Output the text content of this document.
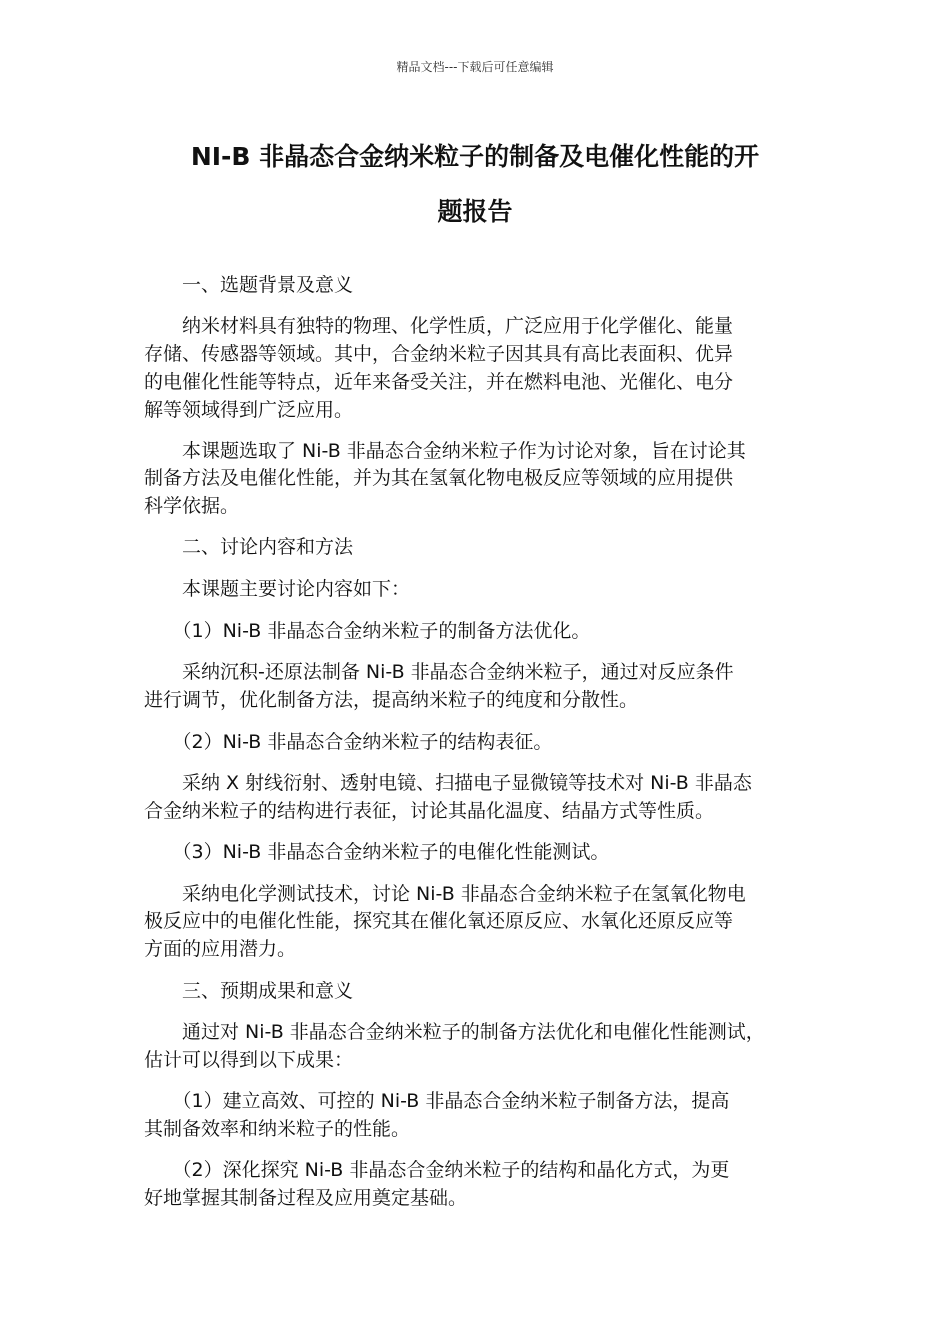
精品文档---下载后可任意编辑
NI-B 非晶态合金纳米粒子的制备及电催化性能的开
题报告
　　一、选题背景及意义
　　纳米材料具有独特的物理、化学性质，广泛应用于化学催化、能量
存储、传感器等领域。其中，合金纳米粒子因其具有高比表面积、优异
的电催化性能等特点，近年来备受关注，并在燃料电池、光催化、电分
解等领域得到广泛应用。
　　本课题选取了 Ni-B 非晶态合金纳米粒子作为讨论对象，旨在讨论其
制备方法及电催化性能，并为其在氢氧化物电极反应等领域的应用提供
科学依据。
　　二、讨论内容和方法
　　本课题主要讨论内容如下：
　　（1）Ni-B 非晶态合金纳米粒子的制备方法优化。
　　采纳沉积-还原法制备 Ni-B 非晶态合金纳米粒子，通过对反应条件
进行调节，优化制备方法，提高纳米粒子的纯度和分散性。
　　（2）Ni-B 非晶态合金纳米粒子的结构表征。
　　采纳 X 射线衍射、透射电镜、扫描电子显微镜等技术对 Ni-B 非晶态
合金纳米粒子的结构进行表征，讨论其晶化温度、结晶方式等性质。
　　（3）Ni-B 非晶态合金纳米粒子的电催化性能测试。
　　采纳电化学测试技术，讨论 Ni-B 非晶态合金纳米粒子在氢氧化物电
极反应中的电催化性能，探究其在催化氧还原反应、水氧化还原反应等
方面的应用潜力。
　　三、预期成果和意义
　　通过对 Ni-B 非晶态合金纳米粒子的制备方法优化和电催化性能测试，
估计可以得到以下成果：
　　（1）建立高效、可控的 Ni-B 非晶态合金纳米粒子制备方法，提高
其制备效率和纳米粒子的性能。
　　（2）深化探究 Ni-B 非晶态合金纳米粒子的结构和晶化方式，为更
好地掌握其制备过程及应用奠定基础。
